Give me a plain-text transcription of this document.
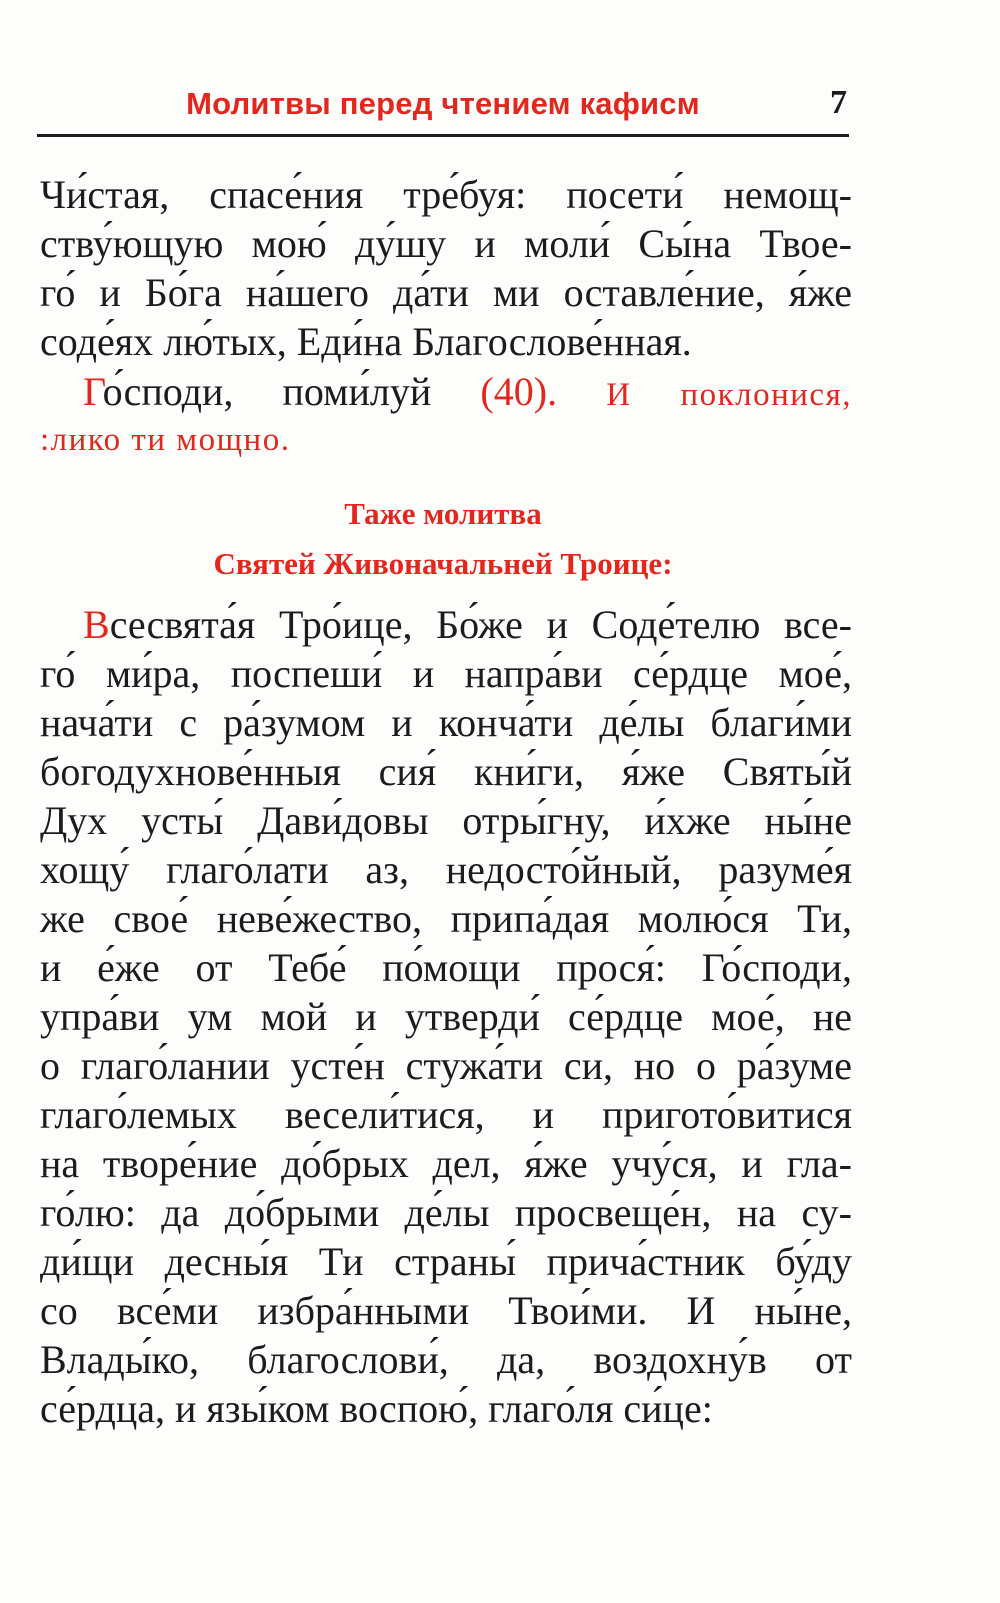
Молитвы перед чтением кафисм	7
Чи́стая, спасе́ния тре́буя: посети́ немощ-
ству́ющую мою́ ду́шу и моли́ Сы́на Твое-
го́ и Бо́га на́шего да́ти ми оставле́ние, я́же
соде́ях лю́тых, Еди́на Благослове́нная.
Го́споди, поми́луй (40). И поклонися,
:лико ти мощно.
Таже молитва
Святей Живоначальней Троице:
Всесвята́я Тро́ице, Бо́же и Соде́телю все-
го́ ми́ра, поспеши́ и напра́ви се́рдце мое́,
нача́ти с ра́зумом и конча́ти де́лы благи́ми
богодухнове́нныя сия́ кни́ги, я́же Святы́й
Дух усты́ Дави́довы отры́гну, и́хже ны́не
хощу́ глаго́лати аз, недосто́йный, разуме́я
же свое́ неве́жество, припа́дая молю́ся Ти,
и е́же от Тебе́ по́мощи прося́: Го́споди,
упра́ви ум мой и утверди́ се́рдце мое́, не
о глаго́лании усте́н стужа́ти си, но о ра́зуме
глаго́лемых весели́тися, и пригото́витися
на творе́ние до́брых дел, я́же учу́ся, и гла-
го́лю: да до́брыми де́лы просвеще́н, на су-
ди́щи десны́я Ти страны́ прича́стник бу́ду
со все́ми избра́нными Твои́ми. И ны́не,
Влады́ко, благослови́, да, воздохну́в от
се́рдца, и язы́ком воспою́, глаго́ля си́це:
